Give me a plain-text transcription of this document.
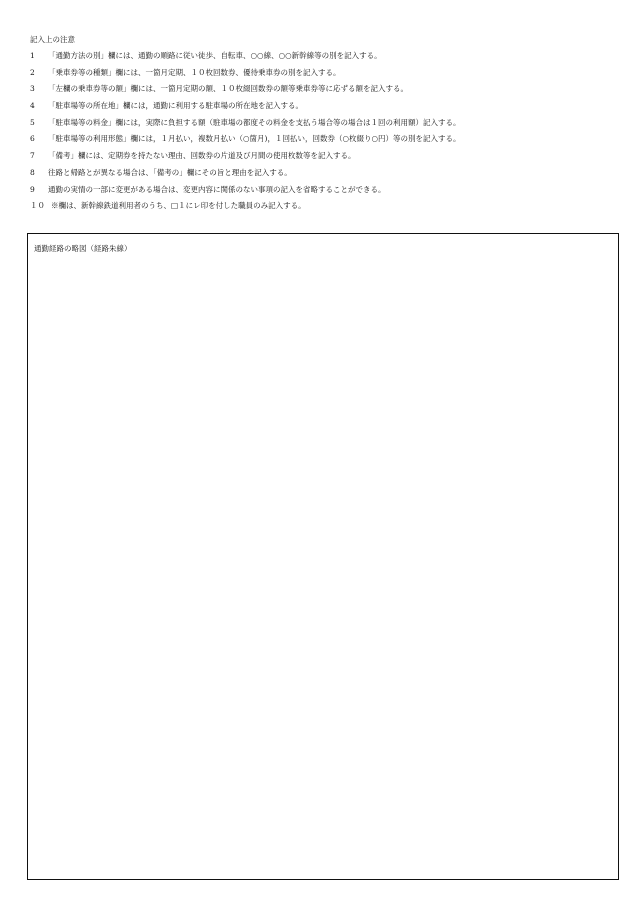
記入上の注意
1	「通勤方法の別」欄には、通勤の順路に従い徒歩、自転車、○○線、○○新幹線等の別を記入する。
2	「乗車券等の種類」欄には、一箇月定期、１０枚回数券、優待乗車券の別を記入する。
3	「左欄の乗車券等の額」欄には、一箇月定期の額、１０枚綴回数券の額等乗車券等に応ずる額を記入する。
4	「駐車場等の所在地」欄には，通勤に利用する駐車場の所在地を記入する。
5	「駐車場等の料金」欄には，実際に負担する額（駐車場の都度その料金を支払う場合等の場合は１回の利用額）記入する。
6	「駐車場等の利用形態」欄には，１月払い，複数月払い（○箇月)，１回払い，回数券（○枚綴り○円）等の別を記入する。
7	「備考」欄には、定期券を持たない理由、回数券の片道及び月間の使用枚数等を記入する。
8	往路と帰路とが異なる場合は、「備考の」欄にその旨と理由を記入する。
9	通勤の実情の一部に変更がある場合は、変更内容に関係のない事項の記入を省略することができる。
１０ ※欄は、新幹線鉄道利用者のうち、□１にレ印を付した職員のみ記入する。
通勤経路の略図（経路朱線）
